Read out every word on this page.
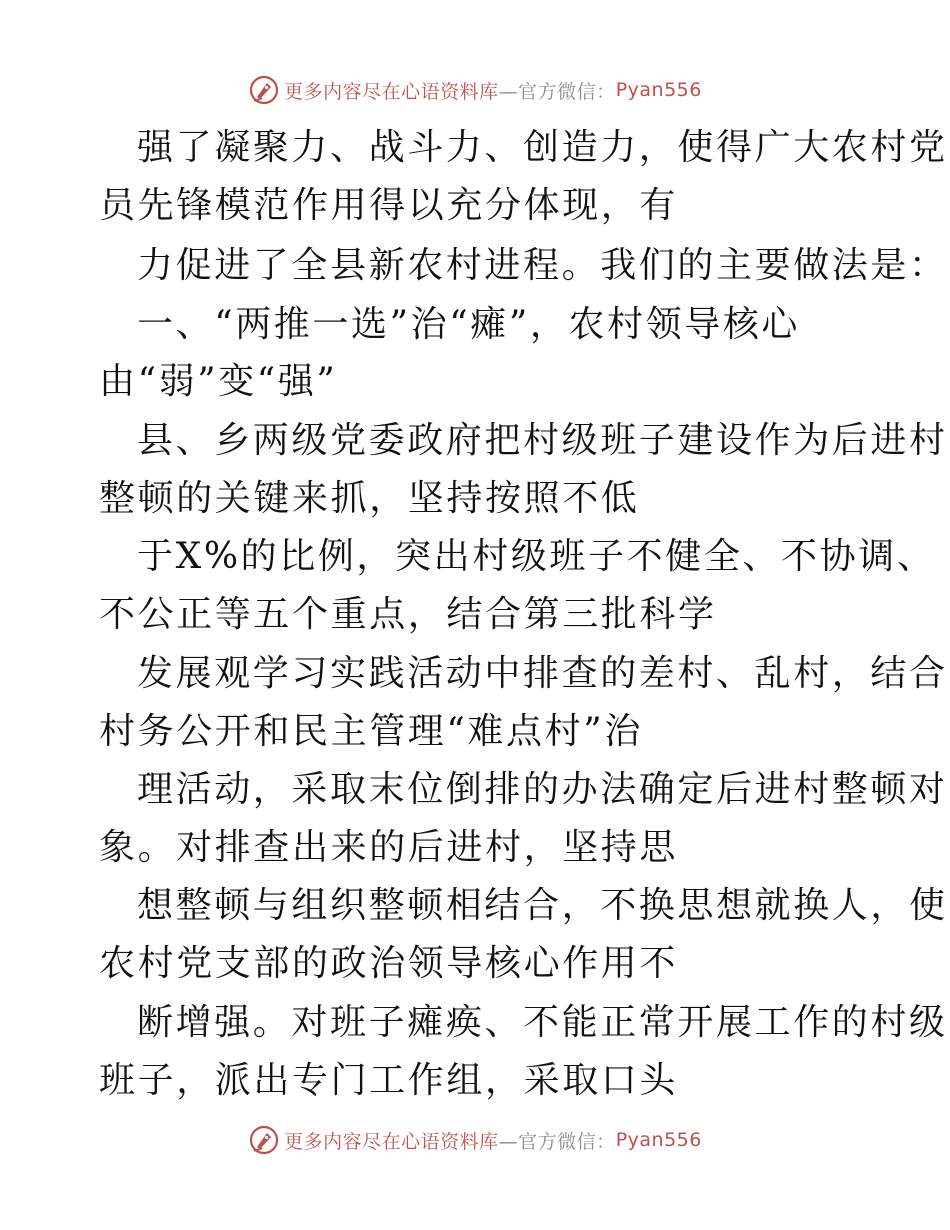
更多内容尽在心语资料库 —官方微信： Pyan556
强了凝聚力、战斗力、创造力，使得广大农村党
员先锋模范作用得以充分体现，有
力促进了全县新农村进程。我们的主要做法是：
一、“两推一选”治“瘫”，农村领导核心
由“弱”变“强”
县、乡两级党委政府把村级班子建设作为后进村
整顿的关键来抓，坚持按照不低
于X%的比例，突出村级班子不健全、不协调、
不公正等五个重点，结合第三批科学
发展观学习实践活动中排查的差村、乱村，结合
村务公开和民主管理“难点村”治
理活动，采取末位倒排的办法确定后进村整顿对
象。对排查出来的后进村，坚持思
想整顿与组织整顿相结合，不换思想就换人，使
农村党支部的政治领导核心作用不
断增强。对班子瘫痪、不能正常开展工作的村级
班子，派出专门工作组，采取口头
更多内容尽在心语资料库 —官方微信： Pyan556
